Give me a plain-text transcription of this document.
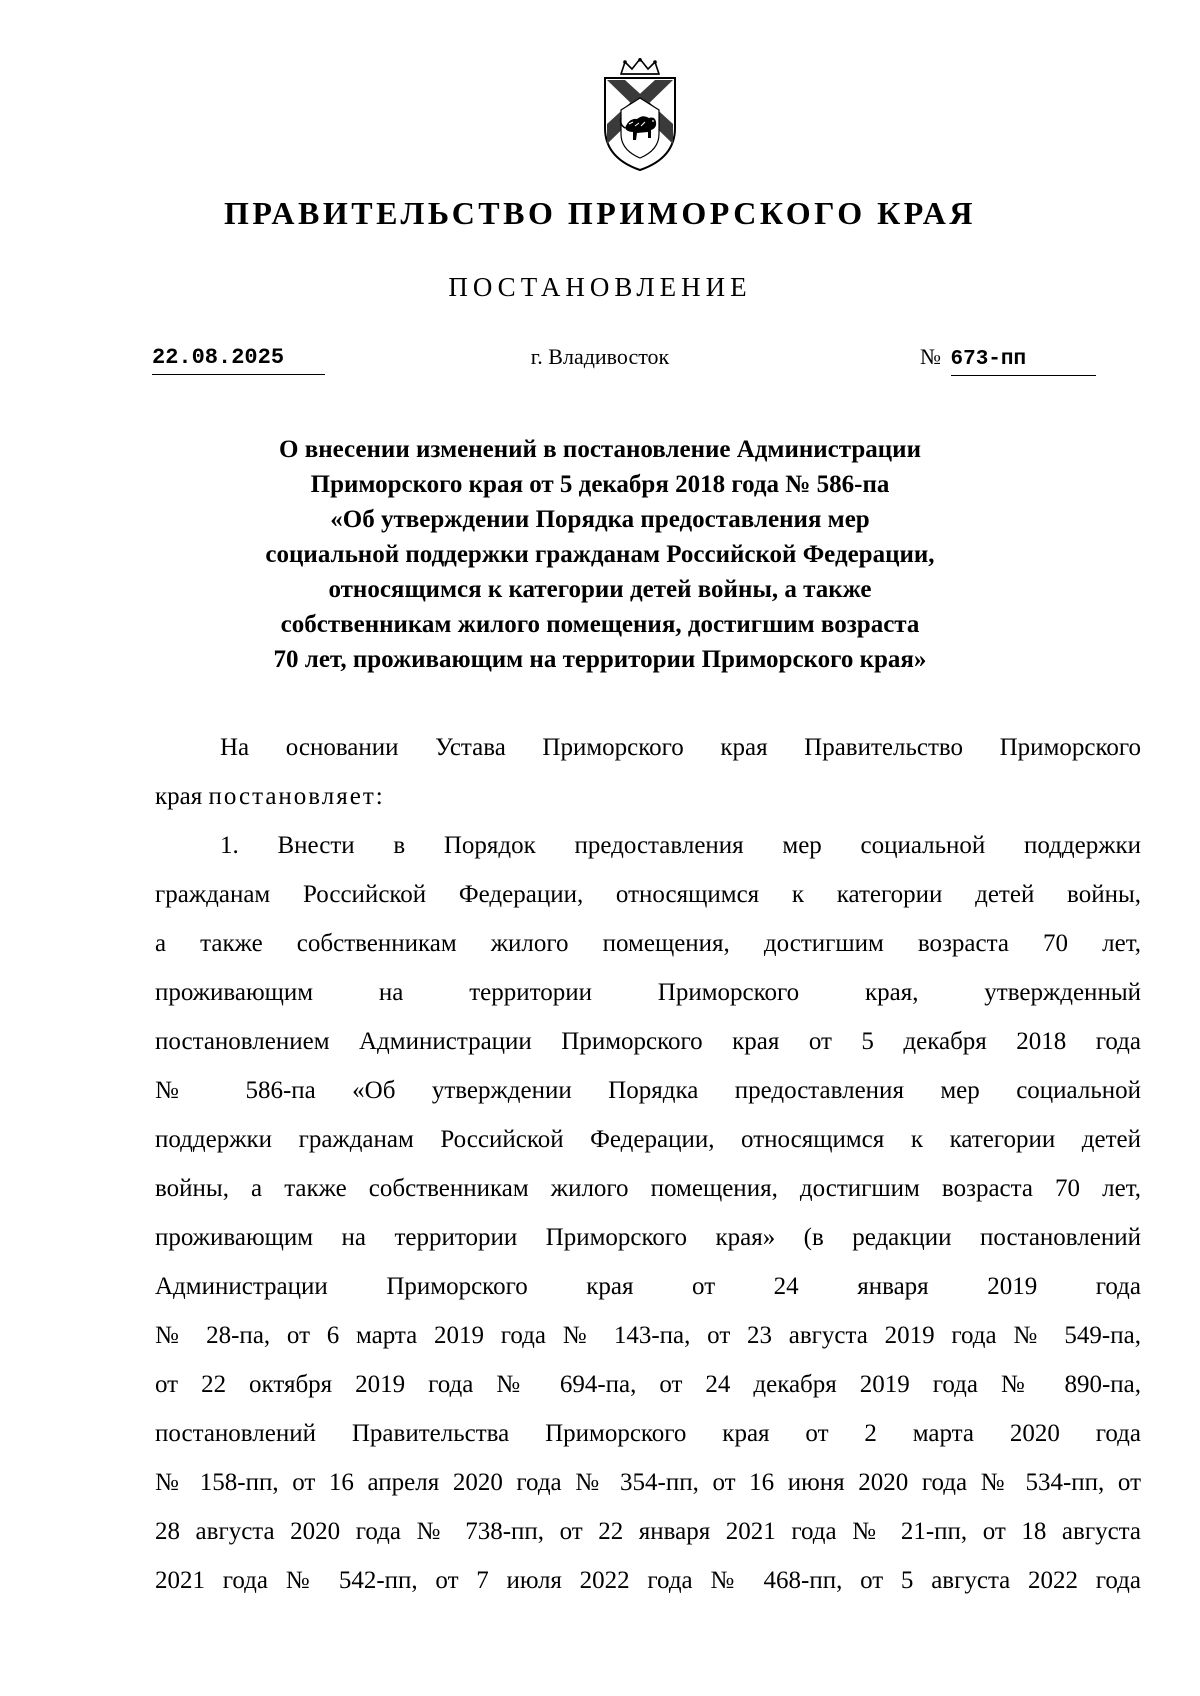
ПРАВИТЕЛЬСТВО ПРИМОРСКОГО КРАЯ
ПОСТАНОВЛЕНИЕ
22.08.2025	г. Владивосток	№ 673-пп
О внесении изменений в постановление Администрации
Приморского края от 5 декабря 2018 года № 586-па
«Об утверждении Порядка предоставления мер
социальной поддержки гражданам Российской Федерации,
относящимся к категории детей войны, а также
собственникам жилого помещения, достигшим возраста
70 лет, проживающим на территории Приморского края»
На основании Устава Приморского края Правительство Приморского
края постановляет:
1. Внести в Порядок предоставления мер социальной поддержки
гражданам Российской Федерации, относящимся к категории детей войны,
а также собственникам жилого помещения, достигшим возраста 70 лет,
проживающим на территории Приморского края, утвержденный
постановлением Администрации Приморского края от 5 декабря 2018 года
№ 586-па «Об утверждении Порядка предоставления мер социальной
поддержки гражданам Российской Федерации, относящимся к категории детей
войны, а также собственникам жилого помещения, достигшим возраста 70 лет,
проживающим на территории Приморского края» (в редакции постановлений
Администрации Приморского края от 24 января 2019 года
№ 28-па, от 6 марта 2019 года № 143-па, от 23 августа 2019 года № 549-па,
от 22 октября 2019 года № 694-па, от 24 декабря 2019 года № 890-па,
постановлений Правительства Приморского края от 2 марта 2020 года
№ 158-пп, от 16 апреля 2020 года № 354-пп, от 16 июня 2020 года № 534-пп, от
28 августа 2020 года № 738-пп, от 22 января 2021 года № 21-пп, от 18 августа
2021 года № 542-пп, от 7 июля 2022 года № 468-пп, от 5 августа 2022 года
